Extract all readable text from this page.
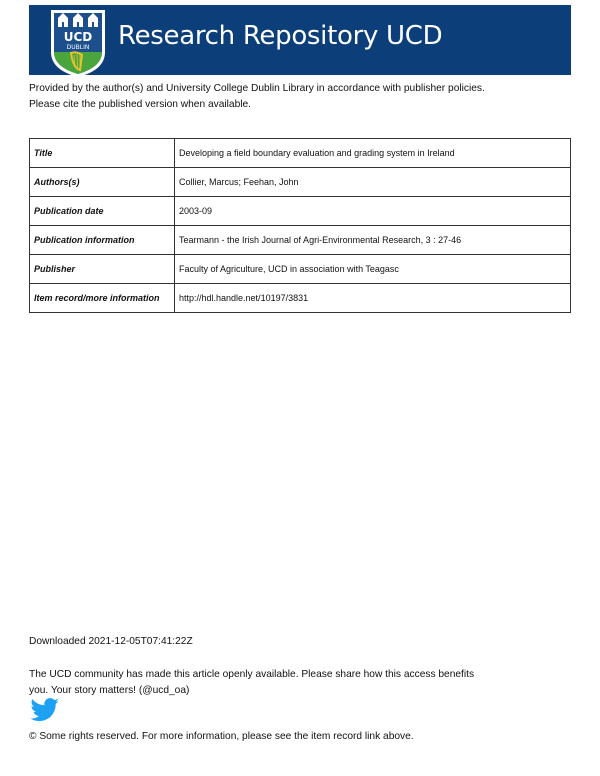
UCD
DUBLIN Research Repository UCD
Provided by the author(s) and University College Dublin Library in accordance with publisher policies. Please cite the published version when available.
Title	Developing a field boundary evaluation and grading system in Ireland
Authors(s)	Collier, Marcus; Feehan, John
Publication date	2003-09
Publication information	Tearmann - the Irish Journal of Agri-Environmental Research, 3 : 27-46
Publisher	Faculty of Agriculture, UCD in association with Teagasc
Item record/more information	http://hdl.handle.net/10197/3831
Downloaded 2021-12-05T07:41:22Z
The UCD community has made this article openly available. Please share how this access benefits you. Your story matters! (@ucd_oa)
© Some rights reserved. For more information, please see the item record link above.
